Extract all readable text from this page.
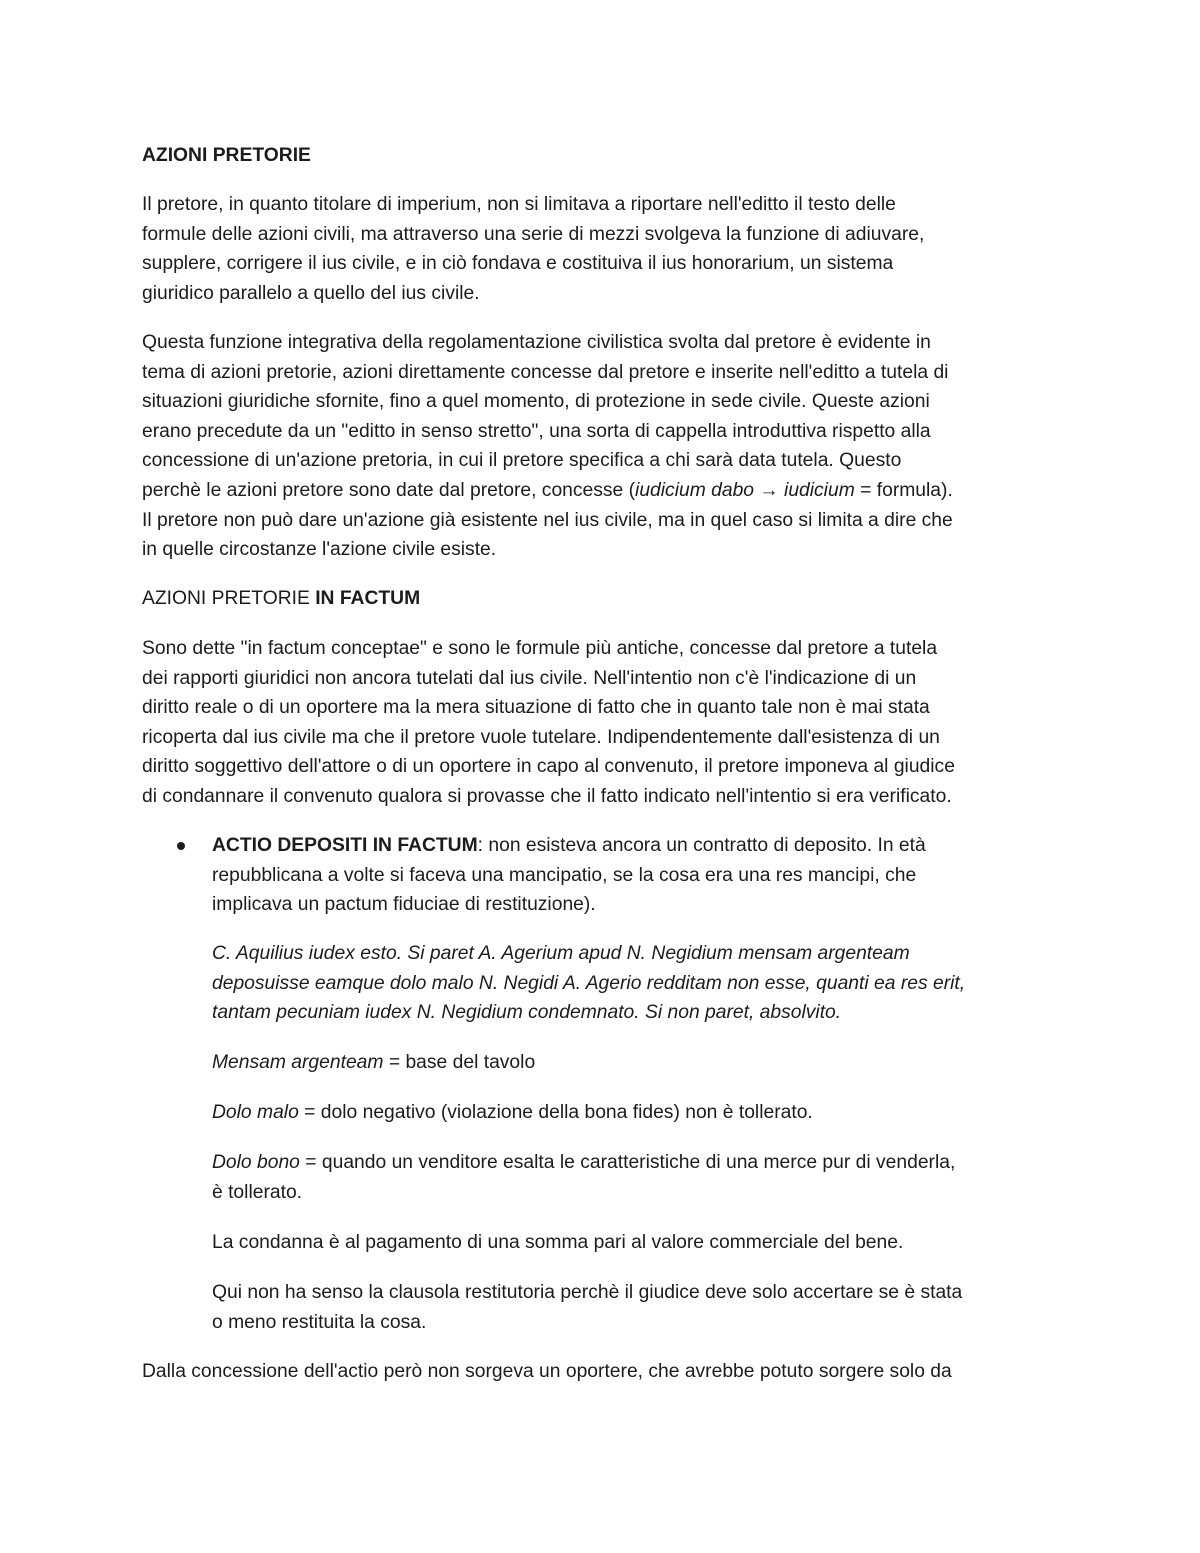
AZIONI PRETORIE

Il pretore, in quanto titolare di imperium, non si limitava a riportare nell'editto il testo delle
formule delle azioni civili, ma attraverso una serie di mezzi svolgeva la funzione di adiuvare,
supplere, corrigere il ius civile, e in ciò fondava e costituiva il ius honorarium, un sistema
giuridico parallelo a quello del ius civile.

Questa funzione integrativa della regolamentazione civilistica svolta dal pretore è evidente in
tema di azioni pretorie, azioni direttamente concesse dal pretore e inserite nell'editto a tutela di
situazioni giuridiche sfornite, fino a quel momento, di protezione in sede civile. Queste azioni
erano precedute da un "editto in senso stretto", una sorta di cappella introduttiva rispetto alla
concessione di un'azione pretoria, in cui il pretore specifica a chi sarà data tutela. Questo
perchè le azioni pretore sono date dal pretore, concesse (iudicium dabo → iudicium = formula).
Il pretore non può dare un'azione già esistente nel ius civile, ma in quel caso si limita a dire che
in quelle circostanze l'azione civile esiste.

AZIONI PRETORIE IN FACTUM

Sono dette "in factum conceptae" e sono le formule più antiche, concesse dal pretore a tutela
dei rapporti giuridici non ancora tutelati dal ius civile. Nell'intentio non c'è l'indicazione di un
diritto reale o di un oportere ma la mera situazione di fatto che in quanto tale non è mai stata
ricoperta dal ius civile ma che il pretore vuole tutelare. Indipendentemente dall'esistenza di un
diritto soggettivo dell'attore o di un oportere in capo al convenuto, il pretore imponeva al giudice
di condannare il convenuto qualora si provasse che il fatto indicato nell'intentio si era verificato.

ACTIO DEPOSITI IN FACTUM: non esisteva ancora un contratto di deposito. In età
repubblicana a volte si faceva una mancipatio, se la cosa era una res mancipi, che
implicava un pactum fiduciae di restituzione).

C. Aquilius iudex esto. Si paret A. Agerium apud N. Negidium mensam argenteam
deposuisse eamque dolo malo N. Negidi A. Agerio redditam non esse, quanti ea res erit,
tantam pecuniam iudex N. Negidium condemnato. Si non paret, absolvito.

Mensam argenteam = base del tavolo

Dolo malo = dolo negativo (violazione della bona fides) non è tollerato.

Dolo bono = quando un venditore esalta le caratteristiche di una merce pur di venderla,
è tollerato.

La condanna è al pagamento di una somma pari al valore commerciale del bene.

Qui non ha senso la clausola restitutoria perchè il giudice deve solo accertare se è stata
o meno restituita la cosa.

Dalla concessione dell'actio però non sorgeva un oportere, che avrebbe potuto sorgere solo da
